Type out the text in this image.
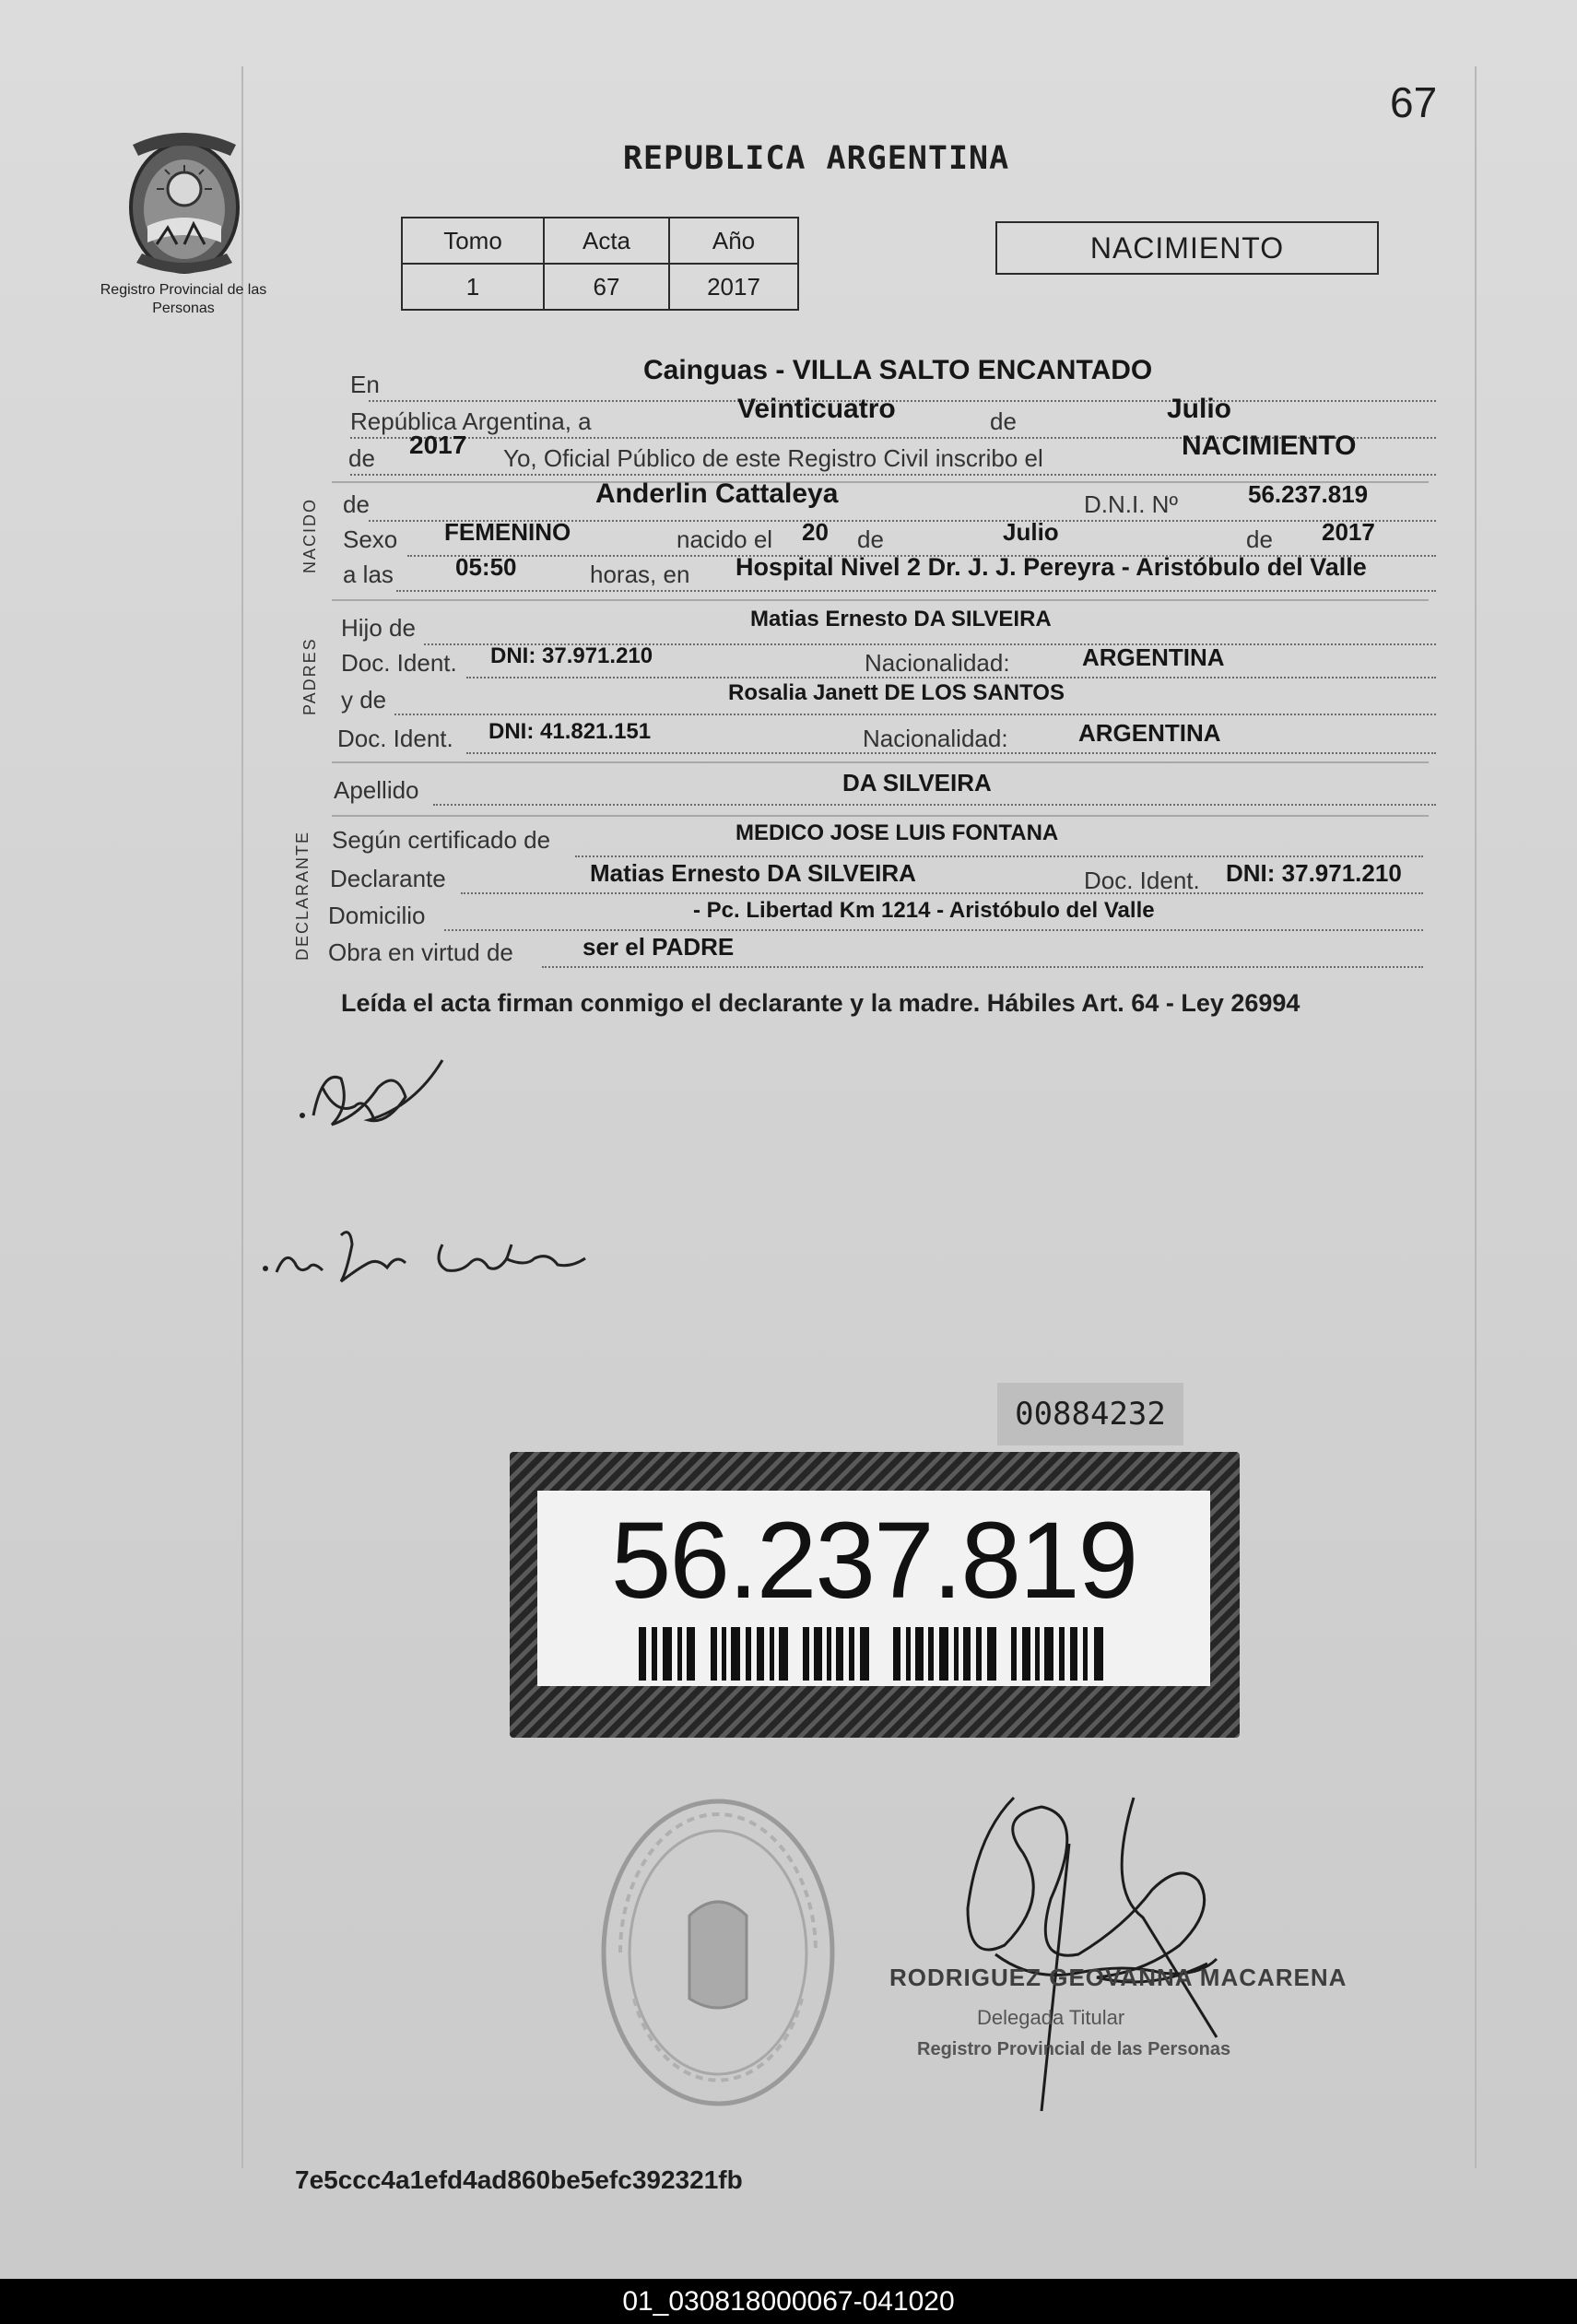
67
REPUBLICA ARGENTINA
Registro Provincial de las Personas
Tomo	Acta	Año
1	67	2017
NACIMIENTO
En	Cainguas - VILLA SALTO ENCANTADO
República Argentina, a	Veinticuatro	de	Julio
de 2017 Yo, Oficial Público de este Registro Civil inscribo el	NACIMIENTO
NACIDO de	Anderlin Cattaleya	D.N.I. Nº	56.237.819
Sexo FEMENINO	nacido el 20 de	Julio	de 2017
a las	05:50	horas, en Hospital Nivel 2 Dr. J. J. Pereyra - Aristóbulo del Valle
PADRES
Hijo de	Matias Ernesto DA SILVEIRA
Doc. Ident. DNI: 37.971.210	Nacionalidad:	ARGENTINA
y de	Rosalia Janett DE LOS SANTOS
Doc. Ident. DNI: 41.821.151	Nacionalidad:	ARGENTINA
Apellido	DA SILVEIRA
DECLARANTE Según certificado de	MEDICO JOSE LUIS FONTANA
Declarante	Matias Ernesto DA SILVEIRA	Doc. Ident. DNI: 37.971.210
Domicilio	- Pc. Libertad Km 1214 - Aristóbulo del Valle
Obra en virtud de	ser el PADRE
Leída el acta firman conmigo el declarante y la madre. Hábiles Art. 64 - Ley 26994
00884232
56.237.819
RODRIGUEZ GEOVANNA MACARENA
Delegada Titular
Registro Provincial de las Personas
7e5ccc4a1efd4ad860be5efc392321fb
01_030818000067-041020
